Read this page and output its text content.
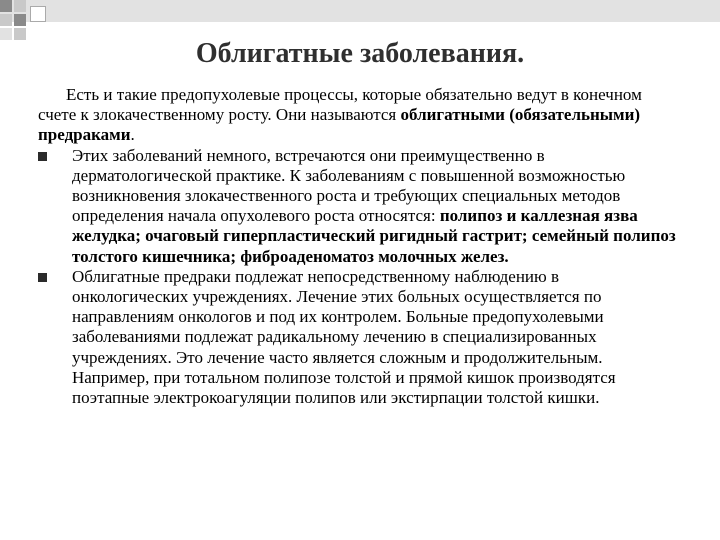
Облигатные заболевания.

Есть и такие предопухолевые процессы, которые обязательно ведут в конечном счете к злокачественному росту. Они называются облигатными (обязательными) предраками.

Этих заболеваний немного, встречаются они преимущественно в дерматологической практике. К заболеваниям с повышенной возможностью возникновения злокачественного роста и требующих специальных методов определения начала опухолевого роста относятся: полипоз и каллезная язва желудка; очаговый гиперпластический ригидный гастрит; семейный полипоз толстого кишечника; фиброаденоматоз молочных желез.
Облигатные предраки подлежат непосредственному наблюдению в онкологических учреждениях. Лечение этих больных осуществляется по направлениям онкологов и под их контролем. Больные предопухолевыми заболеваниями подлежат радикальному лечению в специализированных учреждениях. Это лечение часто является сложным и продолжительным. Например, при тотальном полипозе толстой и прямой кишок производятся поэтапные электрокоагуляции полипов или экстирпации толстой кишки.
